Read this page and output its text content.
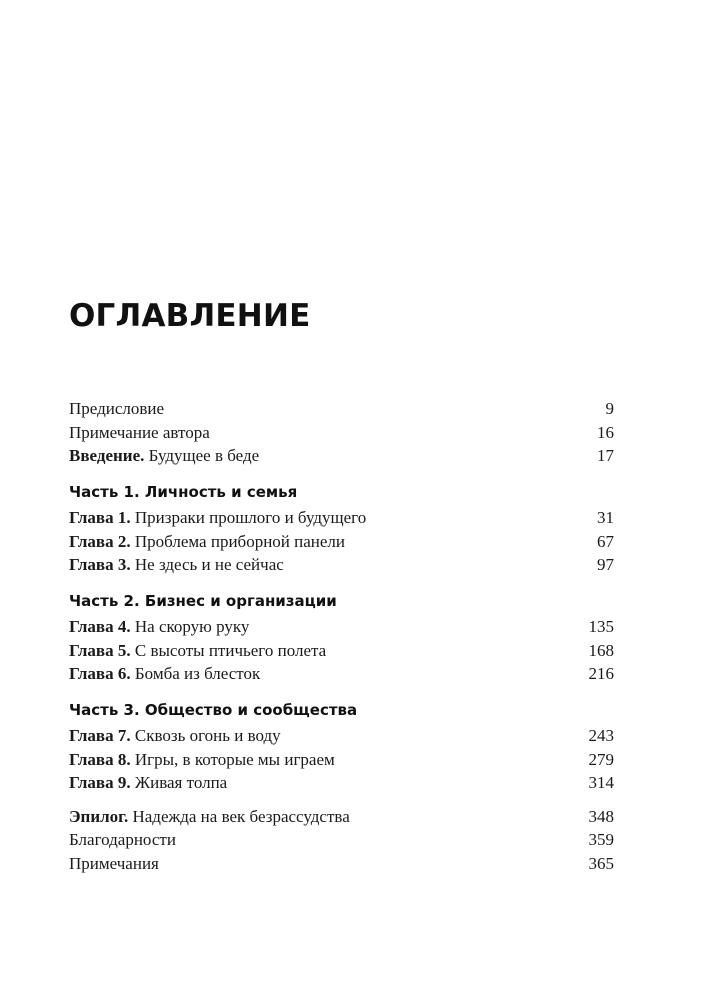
ОГЛАВЛЕНИЕ
Предисловие	9
Примечание автора	16
Введение. Будущее в беде	17
Часть 1. Личность и семья
Глава 1. Призраки прошлого и будущего	31
Глава 2. Проблема приборной панели	67
Глава 3. Не здесь и не сейчас	97
Часть 2. Бизнес и организации
Глава 4. На скорую руку	135
Глава 5. С высоты птичьего полета	168
Глава 6. Бомба из блесток	216
Часть 3. Общество и сообщества
Глава 7. Сквозь огонь и воду	243
Глава 8. Игры, в которые мы играем	279
Глава 9. Живая толпа	314
Эпилог. Надежда на век безрассудства	348
Благодарности	359
Примечания	365
